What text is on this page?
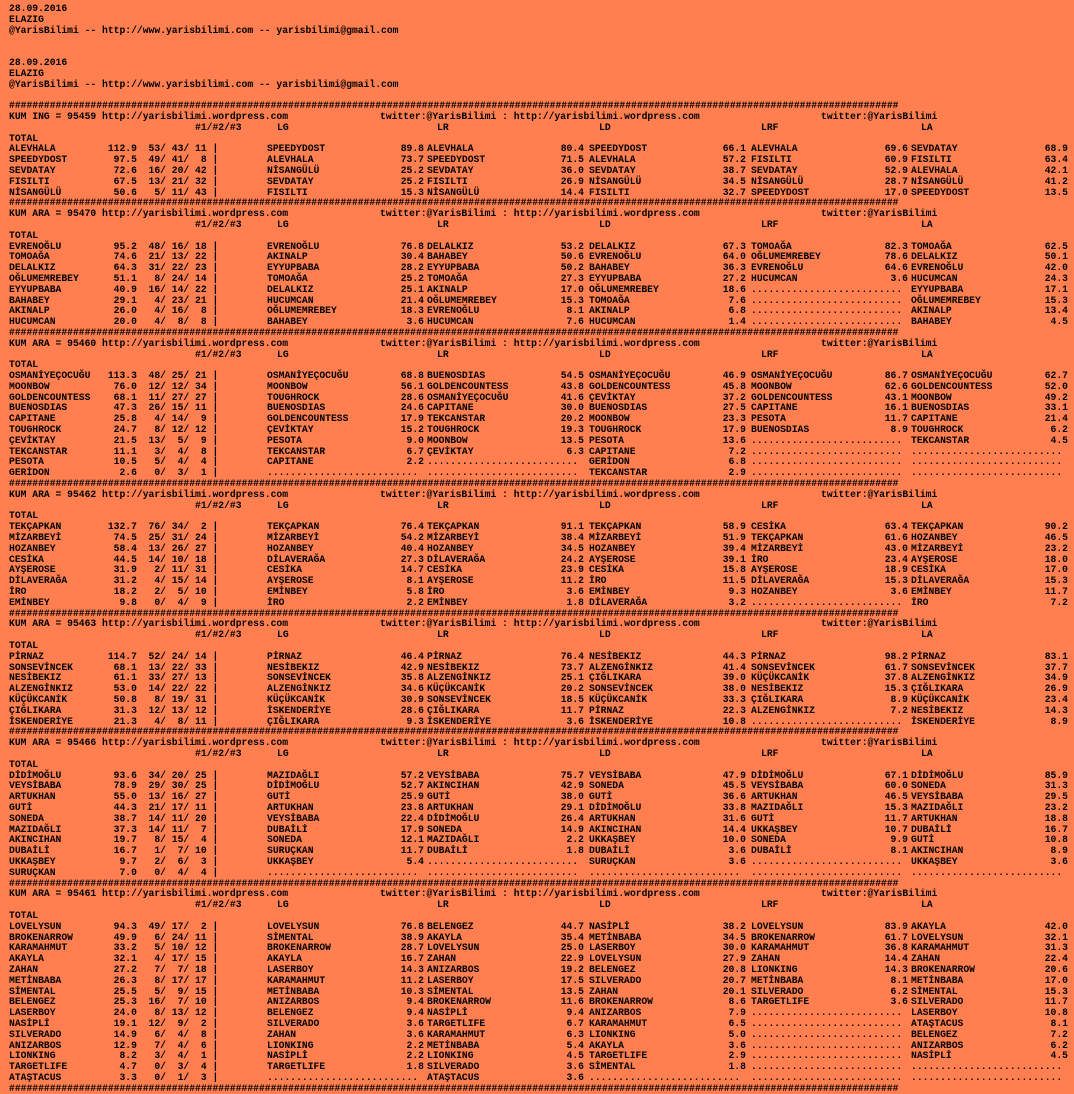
28.09.2016
ELAZIG
@YarisBilimi -- http://www.yarisbilimi.com -- yarisbilimi@gmail.com
28.09.2016
ELAZIG
@YarisBilimi -- http://www.yarisbilimi.com -- yarisbilimi@gmail.com
#########################################################################################################################################################
KUM ING = 95459 http://yarisbilimi.wordpress.com	twitter:@YarisBilimi : http://yarisbilimi.wordpress.com	twitter:@YarisBilimi
#1/#2/#3	LG	LR	LD	LRF	LA
TOTAL
ALEVHALA         112.9  53/ 43/ 11 |	SPEEDYDOST             89.8 ALEVHALA               80.4 SPEEDYDOST             66.1 ALEVHALA               69.6 SEVDATAY               68.9
SPEEDYDOST        97.5  49/ 41/  8 |	ALEVHALA               73.7 SPEEDYDOST             71.5 ALEVHALA               57.2 FISILTI                60.9 FISILTI                63.4
SEVDATAY          72.6  16/ 20/ 42 |	NİSANGÜLÜ              25.2 SEVDATAY               36.0 SEVDATAY               38.7 SEVDATAY               52.9 ALEVHALA               42.1
FISILTI           67.5  13/ 21/ 32 |	SEVDATAY               25.2 FISILTI                26.9 NİSANGÜLÜ              34.5 NİSANGÜLÜ              28.7 NİSANGÜLÜ              41.2
NİSANGÜLÜ         50.6   5/ 11/ 43 |	FISILTI                15.3 NİSANGÜLÜ              14.4 FISILTI                32.7 SPEEDYDOST             17.0 SPEEDYDOST             13.5
#########################################################################################################################################################
KUM ARA = 95470 http://yarisbilimi.wordpress.com	twitter:@YarisBilimi : http://yarisbilimi.wordpress.com	twitter:@YarisBilimi
#1/#2/#3	LG	LR	LD	LRF	LA
TOTAL
EVRENOĞLU         95.2  48/ 16/ 18 |	EVRENOĞLU              76.8 DELALKIZ               53.2 DELALKIZ               67.3 TOMOAĞA                82.3 TOMOAĞA                62.5
TOMOAĞA           74.6  21/ 13/ 22 |	AKINALP                30.4 BAHABEY                50.6 EVRENOĞLU              64.0 OĞLUMEMREBEY           78.6 DELALKIZ               50.1
DELALKIZ          64.3  31/ 22/ 23 |	EYYUPBABA              28.2 EYYUPBABA              50.2 BAHABEY                36.3 EVRENOĞLU              64.6 EVRENOĞLU              42.0
OĞLUMEMREBEY      51.1   8/ 24/ 14 |	TOMOAĞA                25.2 TOMOAĞA                27.3 EYYUPBABA              27.2 HUCUMCAN                3.6 HUCUMCAN               24.3
EYYUPBABA         40.9  16/ 14/ 22 |	DELALKIZ               25.1 AKINALP                17.0 OĞLUMEMREBEY           18.6 .......................... EYYUPBABA              17.1
BAHABEY           29.1   4/ 23/ 21 |	HUCUMCAN               21.4 OĞLUMEMREBEY           15.3 TOMOAĞA                 7.6 .......................... OĞLUMEMREBEY           15.3
AKINALP           26.0   4/ 16/  8 |	OĞLUMEMREBEY           18.3 EVRENOĞLU               8.1 AKINALP                 6.8 .......................... AKINALP                13.4
HUCUMCAN          20.0   4/  8/  8 |	BAHABEY                 3.6 HUCUMCAN                7.6 HUCUMCAN                1.4 .......................... BAHABEY                 4.5
#########################################################################################################################################################
KUM ARA = 95460 http://yarisbilimi.wordpress.com	twitter:@YarisBilimi : http://yarisbilimi.wordpress.com	twitter:@YarisBilimi
#1/#2/#3	LG	LR	LD	LRF	LA
TOTAL
OSMANİYEÇOCUĞU   113.3  48/ 25/ 21 |	OSMANİYEÇOCUĞU         68.8 BUENOSDIAS             54.5 OSMANİYEÇOCUĞU         46.9 OSMANİYEÇOCUĞU         86.7 OSMANİYEÇOCUĞU         62.7
MOONBOW           76.0  12/ 12/ 34 |	MOONBOW                56.1 GOLDENCOUNTESS         43.8 GOLDENCOUNTESS         45.8 MOONBOW                62.6 GOLDENCOUNTESS         52.0
GOLDENCOUNTESS    68.1  11/ 27/ 27 |	TOUGHROCK              28.6 OSMANİYEÇOCUĞU         41.6 ÇEVİKTAY               37.2 GOLDENCOUNTESS         43.1 MOONBOW                49.2
BUENOSDIAS        47.3  26/ 15/ 11 |	BUENOSDIAS             24.6 CAPITANE               30.0 BUENOSDIAS             27.5 CAPITANE               16.1 BUENOSDIAS             33.1
CAPITANE          25.8   4/ 14/  9 |	GOLDENCOUNTESS         17.9 TEKCANSTAR             20.2 MOONBOW                23.3 PESOTA                 11.7 CAPITANE               21.4
TOUGHROCK         24.7   8/ 12/ 12 |	ÇEVİKTAY               15.2 TOUGHROCK              19.3 TOUGHROCK              17.9 BUENOSDIAS              8.9 TOUGHROCK               6.2
ÇEVİKTAY          21.5  13/  5/  9 |	PESOTA                  9.0 MOONBOW                13.5 PESOTA                 13.6 .......................... TEKCANSTAR              4.5
TEKCANSTAR        11.1   3/  4/  8 |	TEKCANSTAR              6.7 ÇEVİKTAY                6.3 CAPITANE                7.2 .......................... ..........................
PESOTA            10.5   5/  4/  4 |	CAPITANE                2.2 .......................... GERİDON                 6.8 .......................... ..........................
GERİDON            2.6   0/  3/  1 |	.......................... .......................... TEKCANSTAR              2.9 .......................... ..........................
#########################################################################################################################################################
KUM ARA = 95462 http://yarisbilimi.wordpress.com	twitter:@YarisBilimi : http://yarisbilimi.wordpress.com	twitter:@YarisBilimi
#1/#2/#3	LG	LR	LD	LRF	LA
TOTAL
TEKÇAPKAN        132.7  76/ 34/  2 |	TEKÇAPKAN              76.4 TEKÇAPKAN              91.1 TEKÇAPKAN              58.9 CESİKA                 63.4 TEKÇAPKAN              90.2
MİZARBEYİ         74.5  25/ 31/ 24 |	MİZARBEYİ              54.2 MİZARBEYİ              38.4 MİZARBEYİ              51.9 TEKÇAPKAN              61.6 HOZANBEY               46.5
HOZANBEY          58.4  13/ 26/ 27 |	HOZANBEY               40.4 HOZANBEY               34.5 HOZANBEY               39.4 MİZARBEYİ              43.0 MİZARBEYİ              23.2
CESİKA            44.5  14/ 10/ 18 |	DİLAVERAĞA             27.3 DİLAVERAĞA             24.2 AYŞEROSE               39.1 İRO                    23.4 AYŞEROSE               18.0
AYŞEROSE          31.9   2/ 11/ 31 |	CESİKA                 14.7 CESİKA                 23.9 CESİKA                 15.8 AYŞEROSE               18.9 CESİKA                 17.0
DİLAVERAĞA        31.2   4/ 15/ 14 |	AYŞEROSE                8.1 AYŞEROSE               11.2 İRO                    11.5 DİLAVERAĞA             15.3 DİLAVERAĞA             15.3
İRO               18.2   2/  5/ 10 |	EMİNBEY                 5.8 İRO                     3.6 EMİNBEY                 9.3 HOZANBEY                3.6 EMİNBEY                11.7
EMİNBEY            9.8   0/  4/  9 |	İRO                     2.2 EMİNBEY                 1.8 DİLAVERAĞA              3.2 .......................... İRO                     7.2
#########################################################################################################################################################
KUM ARA = 95463 http://yarisbilimi.wordpress.com	twitter:@YarisBilimi : http://yarisbilimi.wordpress.com	twitter:@YarisBilimi
#1/#2/#3	LG	LR	LD	LRF	LA
TOTAL
PİRNAZ           114.7  52/ 24/ 14 |	PİRNAZ                 46.4 PİRNAZ                 76.4 NESİBEKIZ              44.3 PİRNAZ                 98.2 PİRNAZ                 83.1
SONSEVİNCEK       68.1  13/ 22/ 33 |	NESİBEKIZ              42.9 NESİBEKIZ              73.7 ALZENGİNKIZ            41.4 SONSEVİNCEK            61.7 SONSEVİNCEK            37.7
NESİBEKIZ         61.1  33/ 27/ 13 |	SONSEVİNCEK            35.8 ALZENGİNKIZ            25.1 ÇIĞLIKARA              39.0 KÜÇÜKCANİK             37.8 ALZENGİNKIZ            34.9
ALZENGİNKIZ       53.0  14/ 22/ 22 |	ALZENGİNKIZ            34.6 KÜÇÜKCANİK             20.2 SONSEVİNCEK            38.0 NESİBEKIZ              15.3 ÇIĞLIKARA              26.9
KÜÇÜKCANİK        50.8   8/ 19/ 31 |	KÜÇÜKCANİK             30.9 SONSEVİNCEK            18.5 KÜÇÜKCANİK             33.3 ÇIĞLIKARA               8.9 KÜÇÜKCANİK             23.4
ÇIĞLIKARA         31.3  12/ 13/ 12 |	İSKENDERİYE            28.6 ÇIĞLIKARA              11.7 PİRNAZ                 22.3 ALZENGİNKIZ             7.2 NESİBEKIZ              14.3
İSKENDERİYE       21.3   4/  8/ 11 |	ÇIĞLIKARA               9.3 İSKENDERİYE             3.6 İSKENDERİYE            10.8 .......................... İSKENDERİYE             8.9
#########################################################################################################################################################
KUM ARA = 95466 http://yarisbilimi.wordpress.com	twitter:@YarisBilimi : http://yarisbilimi.wordpress.com	twitter:@YarisBilimi
#1/#2/#3	LG	LR	LD	LRF	LA
TOTAL
DİDİMOĞLU         93.6  34/ 20/ 25 |	MAZIDAĞLI              57.2 VEYSİBABA              75.7 VEYSİBABA              47.9 DİDİMOĞLU              67.1 DİDİMOĞLU              85.9
VEYSİBABA         78.9  29/ 30/ 25 |	DİDİMOĞLU              52.7 AKINCIHAN              42.9 SONEDA                 45.5 VEYSİBABA              60.0 SONEDA                 31.3
ARTUKHAN          55.0  13/ 16/ 27 |	GUTİ                   25.9 GUTİ                   38.0 GUTİ                   36.6 ARTUKHAN               46.5 VEYSİBABA              29.5
GUTİ              44.3  21/ 17/ 11 |	ARTUKHAN               23.8 ARTUKHAN               29.1 DİDİMOĞLU              33.8 MAZIDAĞLI              15.3 MAZIDAĞLI              23.2
SONEDA            38.7  14/ 11/ 20 |	VEYSİBABA              22.4 DİDİMOĞLU              26.4 ARTUKHAN               31.6 GUTİ                   11.7 ARTUKHAN               18.8
MAZIDAĞLI         37.3  14/ 11/  7 |	DUBAİLİ                17.9 SONEDA                 14.9 AKINCIHAN              14.4 UKKAŞBEY               10.7 DUBAİLİ                16.7
AKINCIHAN         19.7   8/ 15/  4 |	SONEDA                 12.1 MAZIDAĞLI               2.2 UKKAŞBEY               10.0 SONEDA                  9.9 GUTİ                   10.8
DUBAİLİ           16.7   1/  7/ 10 |	SURUÇKAN               11.7 DUBAİLİ                 1.8 DUBAİLİ                 3.6 DUBAİLİ                 8.1 AKINCIHAN               8.9
UKKAŞBEY           9.7   2/  6/  3 |	UKKAŞBEY                5.4 .......................... SURUÇKAN                3.6 .......................... UKKAŞBEY                3.6
SURUÇKAN           7.0   0/  4/  4 |	.......................... .......................... .......................... .......................... ..........................
#########################################################################################################################################################
KUM ARA = 95461 http://yarisbilimi.wordpress.com	twitter:@YarisBilimi : http://yarisbilimi.wordpress.com	twitter:@YarisBilimi
#1/#2/#3	LG	LR	LD	LRF	LA
TOTAL
LOVELYSUN         94.3  49/ 17/  2 |	LOVELYSUN              76.8 BELENGEZ               44.7 NASİPLİ                38.2 LOVELYSUN              83.9 AKAYLA                 42.0
BROKENARROW       49.9   6/ 24/ 11 |	SİMENTAL               38.9 AKAYLA                 35.4 METİNBABA              34.5 BROKENARROW            61.7 LOVELYSUN              32.1
KARAMAHMUT        33.2   5/ 10/ 12 |	BROKENARROW            28.7 LOVELYSUN              25.0 LASERBOY               30.0 KARAMAHMUT             36.8 KARAMAHMUT             31.3
AKAYLA            32.1   4/ 17/ 15 |	AKAYLA                 16.7 ZAHAN                  22.9 LOVELYSUN              27.9 ZAHAN                  14.4 ZAHAN                  22.4
ZAHAN             27.2   7/  7/ 18 |	LASERBOY               14.3 ANIZARBOS              19.2 BELENGEZ               20.8 LIONKING               14.3 BROKENARROW            20.6
METİNBABA         26.3   8/ 17/ 17 |	KARAMAHMUT             11.2 LASERBOY               17.5 SILVERADO              20.7 METİNBABA               8.1 METİNBABA              17.0
SİMENTAL          25.5   5/  9/ 15 |	METİNBABA              10.3 SİMENTAL               13.5 ZAHAN                  20.1 SILVERADO               6.2 SİMENTAL               15.3
BELENGEZ          25.3  16/  7/ 10 |	ANIZARBOS               9.4 BROKENARROW            11.6 BROKENARROW             8.6 TARGETLIFE              3.6 SILVERADO              11.7
LASERBOY          24.0   8/ 13/ 12 |	BELENGEZ                9.4 NASİPLİ                 9.4 ANIZARBOS               7.9 .......................... LASERBOY               10.8
NASİPLİ           19.1  12/  9/  2 |	SILVERADO               3.6 TARGETLIFE              6.7 KARAMAHMUT              6.5 .......................... ATAŞTACUS               8.1
SILVERADO         14.9   6/  4/  8 |	ZAHAN                   3.6 KARAMAHMUT              6.3 LIONKING                5.0 .......................... BELENGEZ                7.2
ANIZARBOS         12.9   7/  4/  6 |	LIONKING                2.2 METİNBABA               5.4 AKAYLA                  3.6 .......................... ANIZARBOS               6.2
LIONKING           8.2   3/  4/  1 |	NASİPLİ                 2.2 LIONKING                4.5 TARGETLIFE              2.9 .......................... NASİPLİ                 4.5
TARGETLIFE         4.7   0/  3/  4 |	TARGETLIFE              1.8 SILVERADO               3.6 SİMENTAL                1.8 .......................... ..........................
ATAŞTACUS          3.3   0/  1/  3 |	.......................... ATAŞTACUS               3.6 .......................... .......................... ..........................
#########################################################################################################################################################
